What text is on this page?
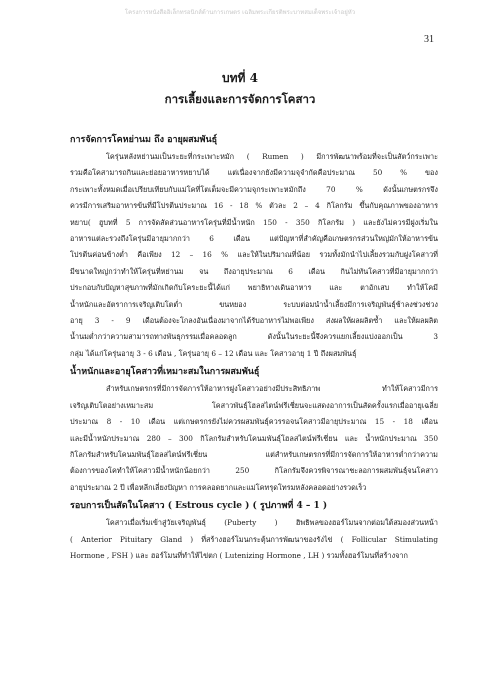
โครงการหนังสืออิเล็กทรอนิกส์ด้านการเกษตร เฉลิมพระเกียรติพระบาทสมเด็จพระเจ้าอยู่หัว
31
บทที่ 4
การเลี้ยงและการจัดการโคสาว
การจัดการโคหย่านม ถึง อายุผสมพันธุ์
โครุ่นหลังหย่านมเป็นระยะที่กระเพาะหมัก ( Rumen ) มีการพัฒนาพร้อมที่จะเป็นสัตว์กระเพาะ
รวมคือโคสามารถกินและย่อยอาหารหยาบได้ แต่เนื่องจากยังมีความจุจำกัดคือประมาณ 50 % ของ
กระเพาะทั้งหมดเมื่อเปรียบเทียบกับแม่โคที่โตเต็มจะมีความจุกระเพาะหมักถึง 70 % ดังนั้นเกษตรกรจึง
ควรมีการเสริมอาหารข้นที่มีโปรตีนประมาณ 16 - 18 % ตัวละ 2 – 4 กิโลกรัม ขึ้นกับคุณภาพของอาหาร
หยาบ( ฮูบทที่ 5 การจัดสัดส่วนอาหารโครุ่นที่มีน้ำหนัก 150 - 350 กิโลกรัม ) และยังไม่ควรมีฝูงเริ่มใน
อาหารแต่ละรวงถึงโครุ่นมีอายุมากกว่า 6 เดือน แต่ปัญหาที่สำคัญคือเกษตรกรส่วนใหญ่มักให้อาหารข้น
โปรตีนค่อนข้างต่ำ คือเพียง 12 – 16 % และให้ในปริมาณที่น้อย รวมทั้งมักนำไปเลี้ยงรวมกับฝูงโคสาวที่
มีขนาดใหญ่กว่าทำให้โครุ่นที่หย่านม จน ถึงอายุประมาณ 6 เดือน กินไม่ทันโคสาวที่มีอายุมากกว่า
ประกอบกับปัญหาสุขภาพที่มักเกิดกับโคระยะนี้ได้แก่ พยาธิทางเดินอาหาร และ ตาอักเสบ ทำให้โคมี
น้ำหนักและอัตราการเจริญเติบโตต่ำ ขนหยอง ระบบต่อมนำน้ำเลี้ยงมีการเจริญพันธุ์ช้าลงช่วงช่วง
อายุ 3 - 9 เดือนต้องจะโกลงอันเนื่องมาจากได้รับอาหารไม่พอเพียง ส่งผลให้ผลผลิตซ้ำ และให้ผลผลิต
น้ำนมต่ำกว่าความสามารถทางพันธุกรรมเมื่อคลอดลูก ดังนั้นในระยะนี้จึงควรแยกเลี้ยงแบ่งออกเป็น 3
กลุ่ม ได้แก่โครุ่นอายุ 3 - 6 เดือน , โครุ่นอายุ 6 – 12 เดือน และ โคสาวอายุ 1 ปี ถึงผสมพันธุ์
น้ำหนักและอายุโคสาวที่เหมาะสมในการผสมพันธุ์
สำหรับเกษตรกรที่มีการจัดการให้อาหารฝูงโคสาวอย่างมีประสิทธิภาพ ทำให้โคสาวมีการ
เจริญเติบโตอย่างเหมาะสม โคสาวพันธุ์โฮลสไตน์ฟรีเชี่ยนจะแสดงอาการเป็นสัดครั้งแรกเมื่ออายุเฉลี่ย
ประมาณ 8 - 10 เดือน แต่เกษตรกรยังไม่ควรผสมพันธุ์ควรรอจนโคสาวมีอายุประมาณ 15 - 18 เดือน
และมีน้ำหนักประมาณ 280 – 300 กิโลกรัมสำหรับโคนมพันธุ์โฮลสไตน์ฟรีเชี่ยน และ น้ำหนักประมาณ 350
กิโลกรัมสำหรับโคนมพันธุ์โฮลสไตน์ฟรีเชี่ยน แต่สำหรับเกษตรกรที่มีการจัดการให้อาหารต่ำกว่าความ
ต้องการของโคทำให้โคสาวมีน้ำหนักน้อยกว่า 250 กิโลกรัมจึงควรพิจารณาชะลอการผสมพันธุ์จนโคสาว
อายุประมาณ 2 ปี เพื่อหลีกเลี่ยงปัญหา การคลอดยากและแม่โคทรุดโทรมหลังคลอดอย่างรวดเร็ว
รอบการเป็นสัดในโคสาว ( Estrous cycle ) ( รูปภาพที่ 4 – 1 )
โคสาวเมื่อเริ่มเข้าสู่วัยเจริญพันธุ์ (Puberty ) ฮิพธิพลของฮอร์โมนจากต่อมใต้สมองส่วนหน้า
( Anterior Pituitary Gland ) ที่สร้างฮอร์โมนกระตุ้นการพัฒนาของรังไข่ ( Follicular Stimulating
Hormone , FSH ) และ ฮอร์โมนที่ทำให้ไข่ตก ( Lutenizing Hormone , LH ) รวมทั้งฮอร์โมนที่สร้างจาก
